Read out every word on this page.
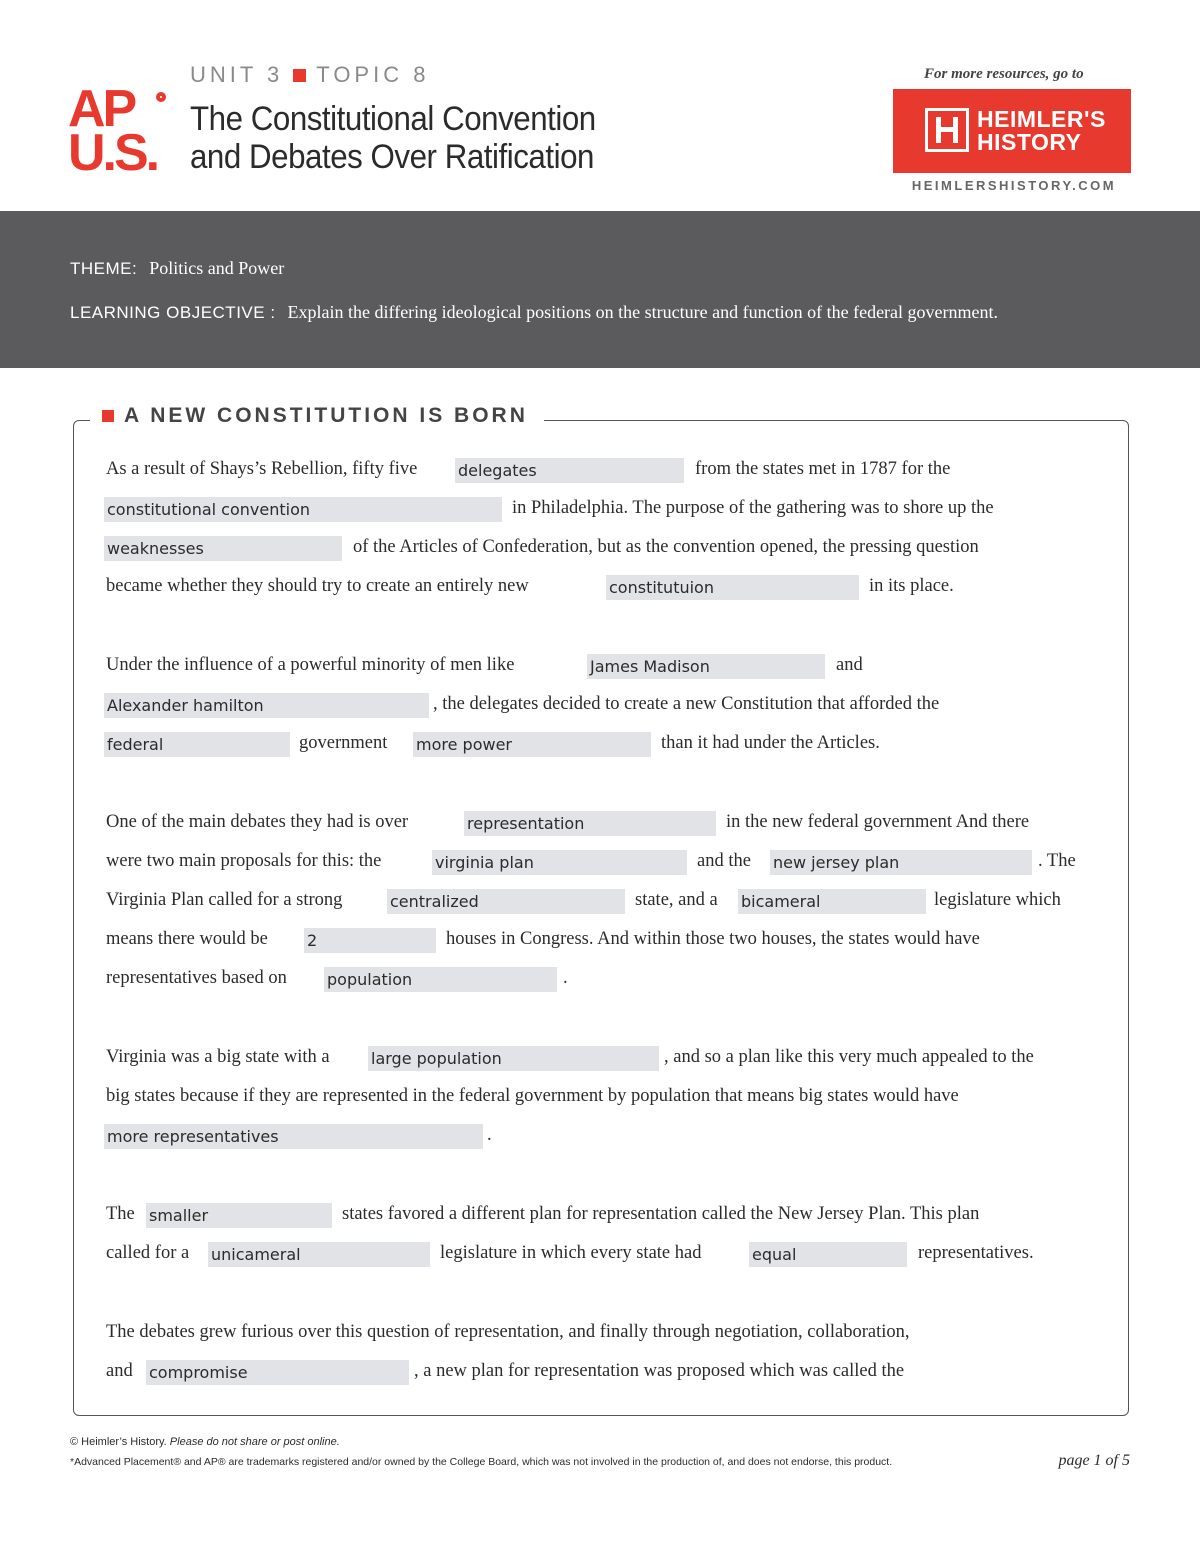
AP
U.S.
UNIT 3 TOPIC 8
The Constitutional Convention
and Debates Over Ratification
For more resources, go to
HEIMLER'S
HISTORY
HEIMLERSHISTORY.COM
THEME: Politics and Power
LEARNING OBJECTIVE : Explain the differing ideological positions on the structure and function of the federal government.
A NEW CONSTITUTION IS BORN
As a result of Shays’s Rebellion, fifty five	delegates	from the states met in 1787 for the
constitutional convention	in Philadelphia. The purpose of the gathering was to shore up the
weaknesses	of the Articles of Confederation, but as the convention opened, the pressing question
became whether they should try to create an entirely new	constitutuion	in its place.
Under the influence of a powerful minority of men like	James Madison	and
Alexander hamilton	, the delegates decided to create a new Constitution that afforded the
federal	government more power	than it had under the Articles.
One of the main debates they had is over	representation	in the new federal government And there
were two main proposals for this: the	virginia plan	and the new jersey plan	. The
Virginia Plan called for a strong	centralized	state, and a bicameral	legislature which
means there would be 2	houses in Congress. And within those two houses, the states would have
representatives based on	population	.
Virginia was a big state with a	large population	, and so a plan like this very much appealed to the
big states because if they are represented in the federal government by population that means big states would have
more representatives	.
The smaller	states favored a different plan for representation called the New Jersey Plan. This plan
called for a unicameral	legislature in which every state had	equal	representatives.
The debates grew furious over this question of representation, and finally through negotiation, collaboration,
and compromise	, a new plan for representation was proposed which was called the
© Heimler’s History. Please do not share or post online.
*Advanced Placement® and AP® are trademarks registered and/or owned by the College Board, which was not involved in the production of, and does not endorse, this product.	page 1 of 5
